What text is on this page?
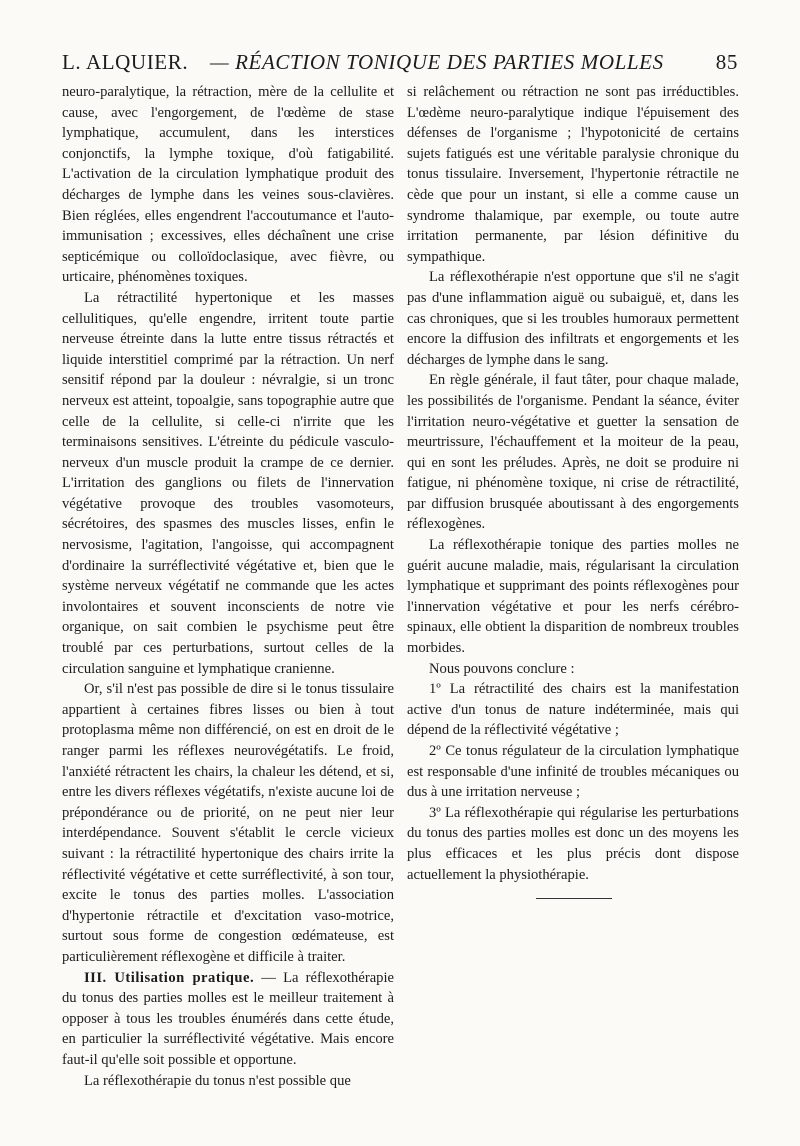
L. ALQUIER. — RÉACTION TONIQUE DES PARTIES MOLLES 85

neuro-paralytique, la rétraction, mère de la cellulite et cause, avec l'engorgement, de l'œdème de stase lymphatique, accumulent, dans les interstices conjonctifs, la lymphe toxique, d'où fatigabilité. L'activation de la circulation lymphatique produit des décharges de lymphe dans les veines sous-clavières. Bien réglées, elles engendrent l'accoutumance et l'auto-immunisation ; excessives, elles déchaînent une crise septicémique ou colloïdoclasique, avec fièvre, ou urticaire, phénomènes toxiques.

La rétractilité hypertonique et les masses cellulitiques, qu'elle engendre, irritent toute partie nerveuse étreinte dans la lutte entre tissus rétractés et liquide interstitiel comprimé par la rétraction. Un nerf sensitif répond par la douleur : névralgie, si un tronc nerveux est atteint, topoalgie, sans topographie autre que celle de la cellulite, si celle-ci n'irrite que les terminaisons sensitives. L'étreinte du pédicule vasculo-nerveux d'un muscle produit la crampe de ce dernier. L'irritation des ganglions ou filets de l'innervation végétative provoque des troubles vasomoteurs, sécrétoires, des spasmes des muscles lisses, enfin le nervosisme, l'agitation, l'angoisse, qui accompagnent d'ordinaire la surréflectivité végétative et, bien que le système nerveux végétatif ne commande que les actes involontaires et souvent inconscients de notre vie organique, on sait combien le psychisme peut être troublé par ces perturbations, surtout celles de la circulation sanguine et lymphatique cranienne.

Or, s'il n'est pas possible de dire si le tonus tissulaire appartient à certaines fibres lisses ou bien à tout protoplasma même non différencié, on est en droit de le ranger parmi les réflexes neurovégétatifs. Le froid, l'anxiété rétractent les chairs, la chaleur les détend, et si, entre les divers réflexes végétatifs, n'existe aucune loi de prépondérance ou de priorité, on ne peut nier leur interdépendance. Souvent s'établit le cercle vicieux suivant : la rétractilité hypertonique des chairs irrite la réflectivité végétative et cette surréflectivité, à son tour, excite le tonus des parties molles. L'association d'hypertonie rétractile et d'excitation vaso-motrice, surtout sous forme de congestion œdémateuse, est particulièrement réflexogène et difficile à traiter.

III. Utilisation pratique. — La réflexothérapie du tonus des parties molles est le meilleur traitement à opposer à tous les troubles énumérés dans cette étude, en particulier la surréflectivité végétative. Mais encore faut-il qu'elle soit possible et opportune.

La réflexothérapie du tonus n'est possible que

si relâchement ou rétraction ne sont pas irréductibles. L'œdème neuro-paralytique indique l'épuisement des défenses de l'organisme ; l'hypotonicité de certains sujets fatigués est une véritable paralysie chronique du tonus tissulaire. Inversement, l'hypertonie rétractile ne cède que pour un instant, si elle a comme cause un syndrome thalamique, par exemple, ou toute autre irritation permanente, par lésion définitive du sympathique.

La réflexothérapie n'est opportune que s'il ne s'agit pas d'une inflammation aiguë ou subaiguë, et, dans les cas chroniques, que si les troubles humoraux permettent encore la diffusion des infiltrats et engorgements et les décharges de lymphe dans le sang.

En règle générale, il faut tâter, pour chaque malade, les possibilités de l'organisme. Pendant la séance, éviter l'irritation neuro-végétative et guetter la sensation de meurtrissure, l'échauffement et la moiteur de la peau, qui en sont les préludes. Après, ne doit se produire ni fatigue, ni phénomène toxique, ni crise de rétractilité, par diffusion brusquée aboutissant à des engorgements réflexogènes.

La réflexothérapie tonique des parties molles ne guérit aucune maladie, mais, régularisant la circulation lymphatique et supprimant des points réflexogènes pour l'innervation végétative et pour les nerfs cérébro-spinaux, elle obtient la disparition de nombreux troubles morbides.

Nous pouvons conclure :

1º La rétractilité des chairs est la manifestation active d'un tonus de nature indéterminée, mais qui dépend de la réflectivité végétative ;

2º Ce tonus régulateur de la circulation lymphatique est responsable d'une infinité de troubles mécaniques ou dus à une irritation nerveuse ;

3º La réflexothérapie qui régularise les perturbations du tonus des parties molles est donc un des moyens les plus efficaces et les plus précis dont dispose actuellement la physiothérapie.
